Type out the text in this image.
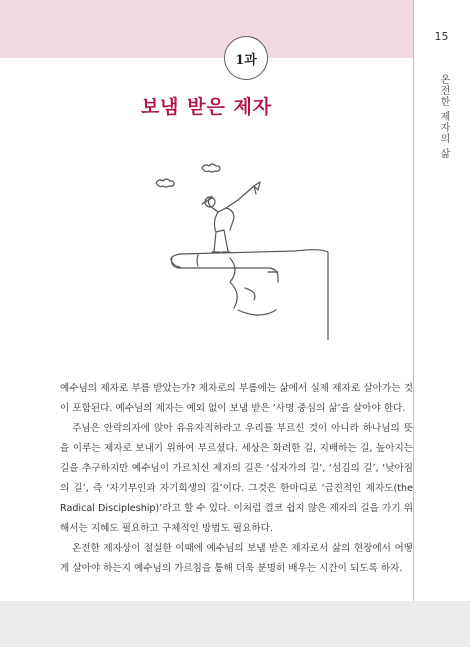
15
온전한 제자의 삶
1과
보냄 받은 제자

예수님의 제자로 부름 받았는가? 제자로의 부름에는 삶에서 실제 제자로 살아가는 것이 포함된다. 예수님의 제자는 예외 없이 보냄 받은 ‘사명 중심의 삶’을 살아야 한다.

주님은 안락의자에 앉아 유유자적하라고 우리를 부르신 것이 아니라 하나님의 뜻을 이루는 제자로 보내기 위하여 부르셨다. 세상은 화려한 길, 지배하는 길, 높아지는 길을 추구하지만 예수님이 가르치신 제자의 길은 ‘십자가의 길’, ‘섬김의 길’, ‘낮아짐의 길’, 즉 ‘자기부인과 자기희생의 길’이다. 그것은 한마디로 ‘급진적인 제자도(the Radical Discipleship)’라고 할 수 있다. 이처럼 결코 쉽지 않은 제자의 길을 가기 위해서는 지혜도 필요하고 구체적인 방법도 필요하다.

온전한 제자상이 절실한 이때에 예수님의 보냄 받은 제자로서 삶의 현장에서 어떻게 살아야 하는지 예수님의 가르침을 통해 더욱 분명히 배우는 시간이 되도록 하자.
